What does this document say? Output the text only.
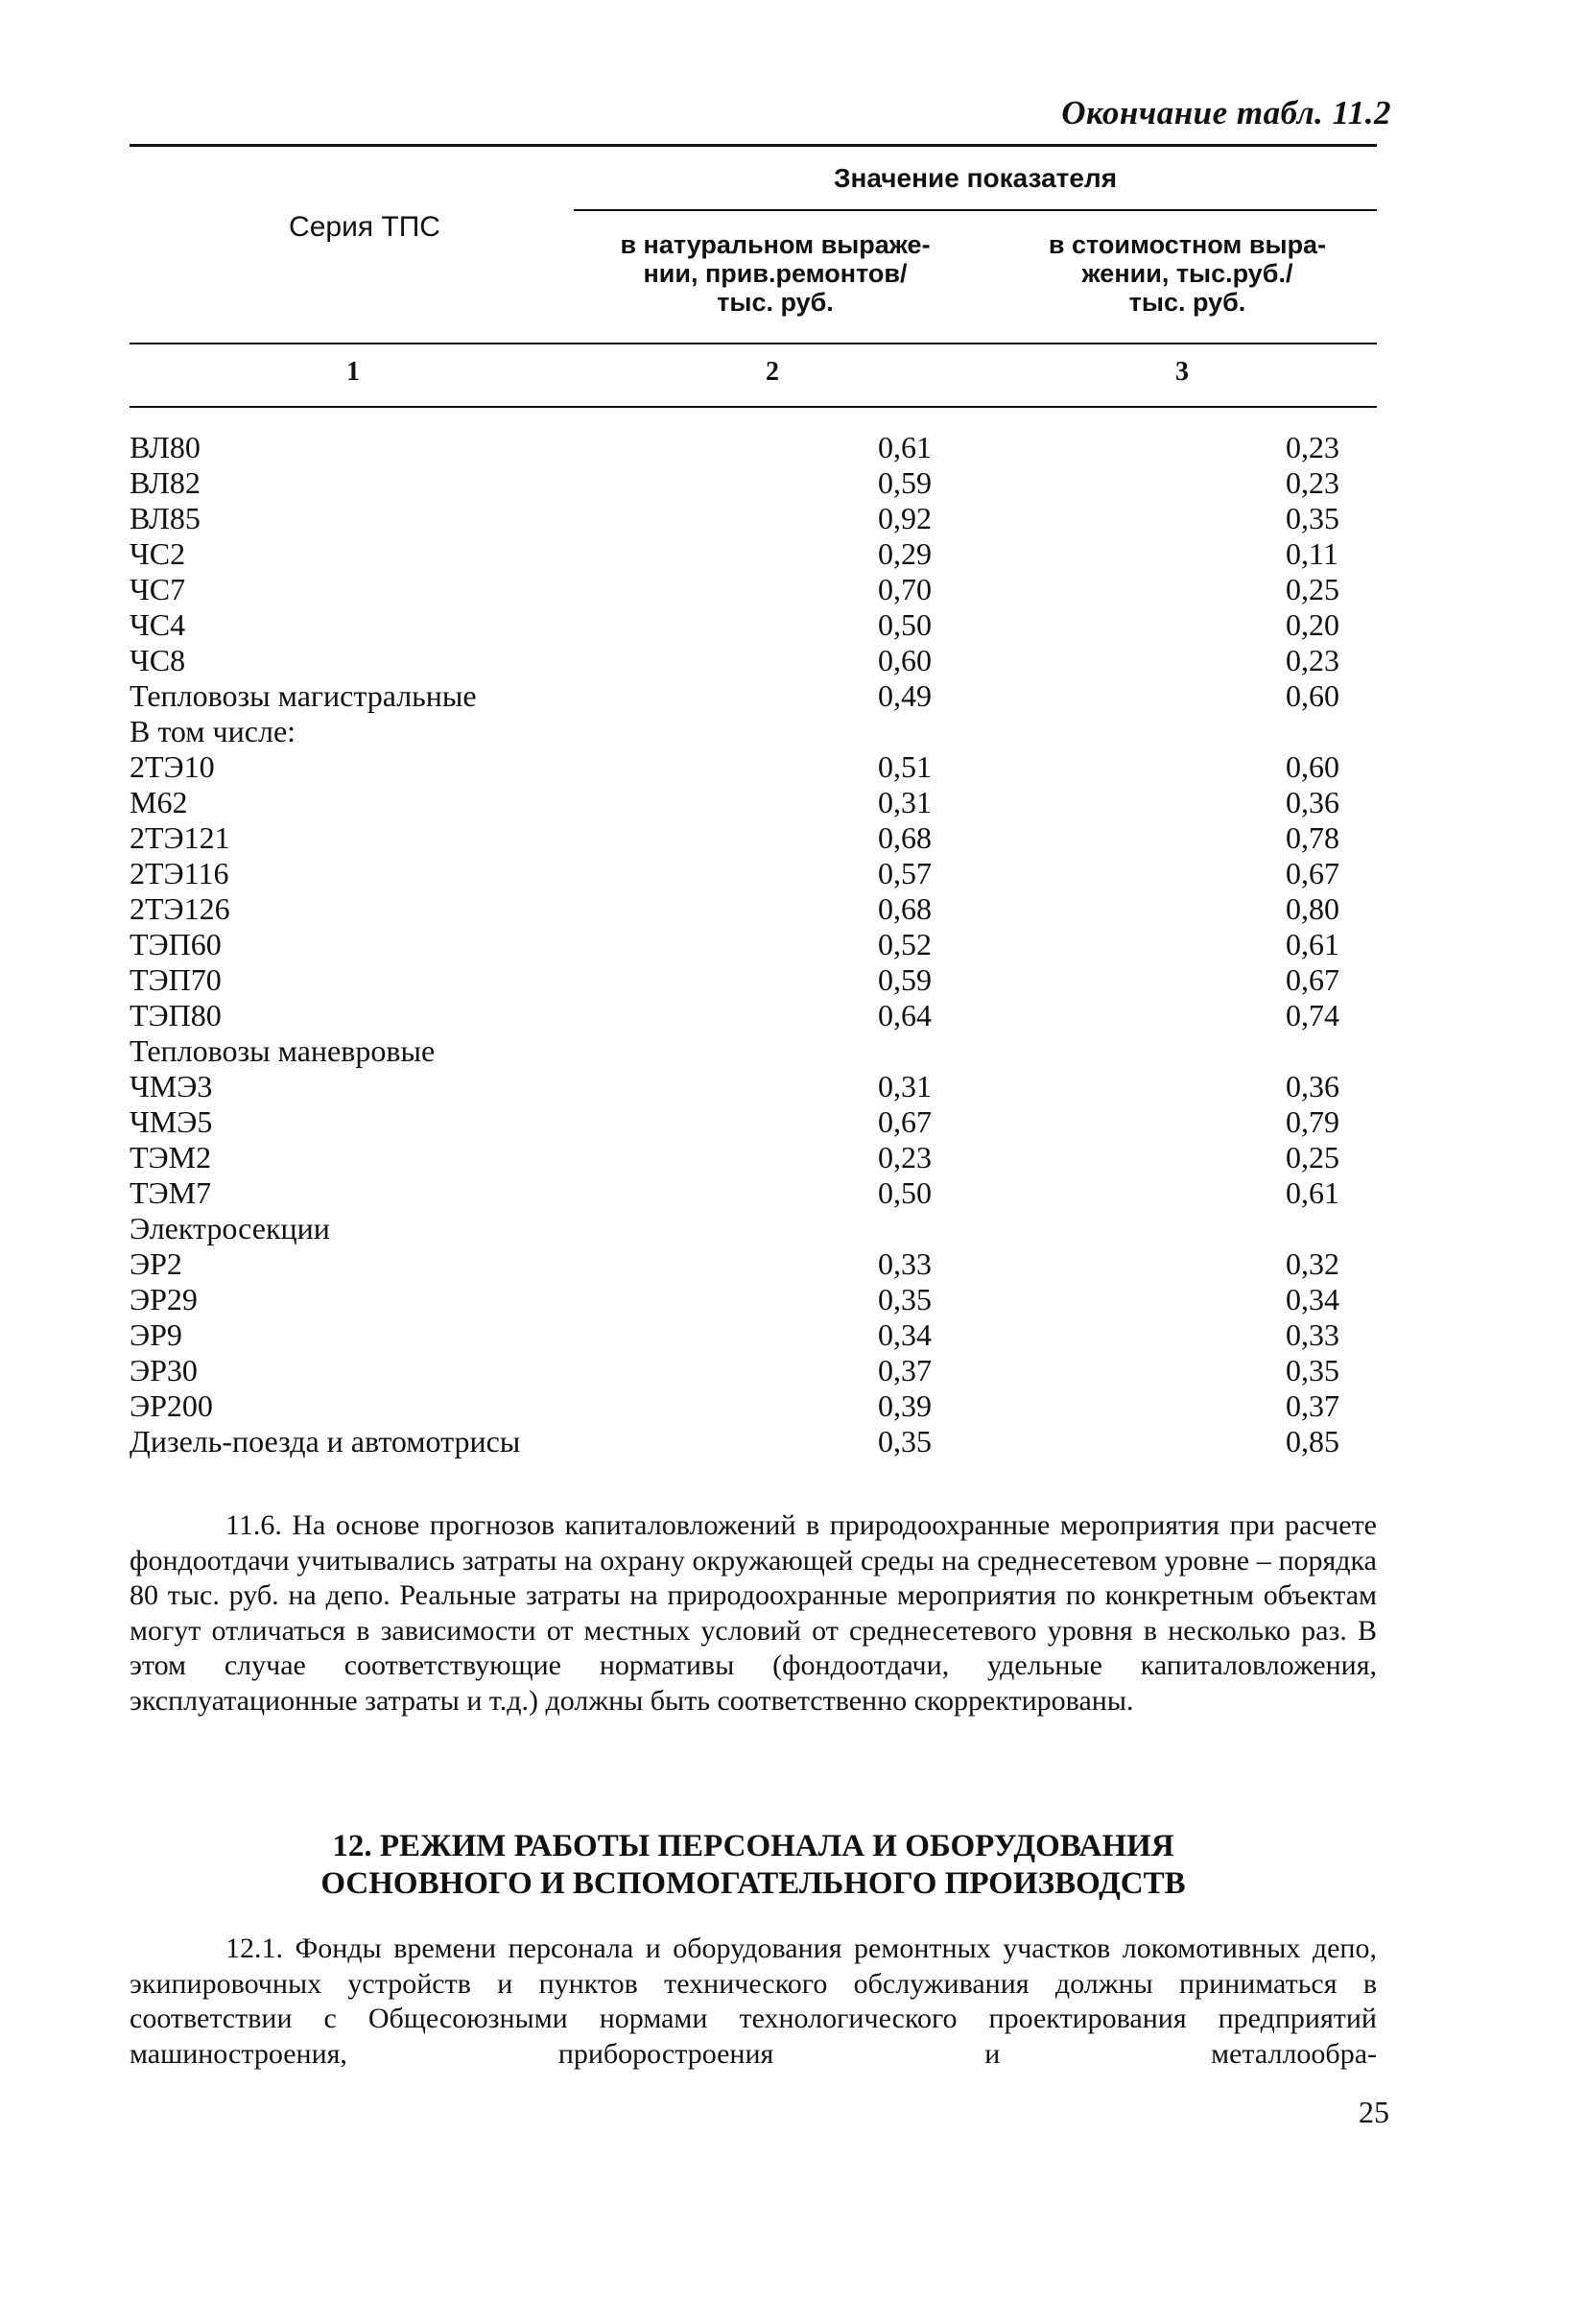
Окончание табл. 11.2
Серия ТПС
Значение показателя
в натуральном выраже-
нии, прив.ремонтов/
тыс. руб.
в стоимостном выра-
жении, тыс.руб./
тыс. руб.
1	2	3
ВЛ80	0,61	0,23
ВЛ82	0,59	0,23
ВЛ85	0,92	0,35
ЧС2	0,29	0,11
ЧС7	0,70	0,25
ЧС4	0,50	0,20
ЧС8	0,60	0,23
Тепловозы магистральные	0,49	0,60
В том числе:
2ТЭ10	0,51	0,60
М62	0,31	0,36
2ТЭ121	0,68	0,78
2ТЭ116	0,57	0,67
2ТЭ126	0,68	0,80
ТЭП60	0,52	0,61
ТЭП70	0,59	0,67
ТЭП80	0,64	0,74
Тепловозы маневровые
ЧМЭ3	0,31	0,36
ЧМЭ5	0,67	0,79
ТЭМ2	0,23	0,25
ТЭМ7	0,50	0,61
Электросекции
ЭР2	0,33	0,32
ЭР29	0,35	0,34
ЭР9	0,34	0,33
ЭР30	0,37	0,35
ЭР200	0,39	0,37
Дизель-поезда и автомотрисы	0,35	0,85
11.6. На основе прогнозов капиталовложений в природоохранные мероприятия при расчете фондоотдачи учитывались затраты на охрану окружающей среды на среднесетевом уровне – порядка 80 тыс. руб. на депо. Реальные затраты на природоохранные мероприятия по конкретным объектам могут отличаться в зависимости от местных условий от среднесетевого уровня в несколько раз. В этом случае соответствующие нормативы (фондоотдачи, удельные капиталовложения, эксплуатационные затраты и т.д.) должны быть соответственно скорректированы.
12. РЕЖИМ РАБОТЫ ПЕРСОНАЛА И ОБОРУДОВАНИЯ
ОСНОВНОГО И ВСПОМОГАТЕЛЬНОГО ПРОИЗВОДСТВ
12.1. Фонды времени персонала и оборудования ремонтных участков локомотивных депо, экипировочных устройств и пунктов технического обслуживания должны приниматься в соответствии с Общесоюзными нормами технологического проектирования предприятий машиностроения, приборостроения и металлообра-
25
